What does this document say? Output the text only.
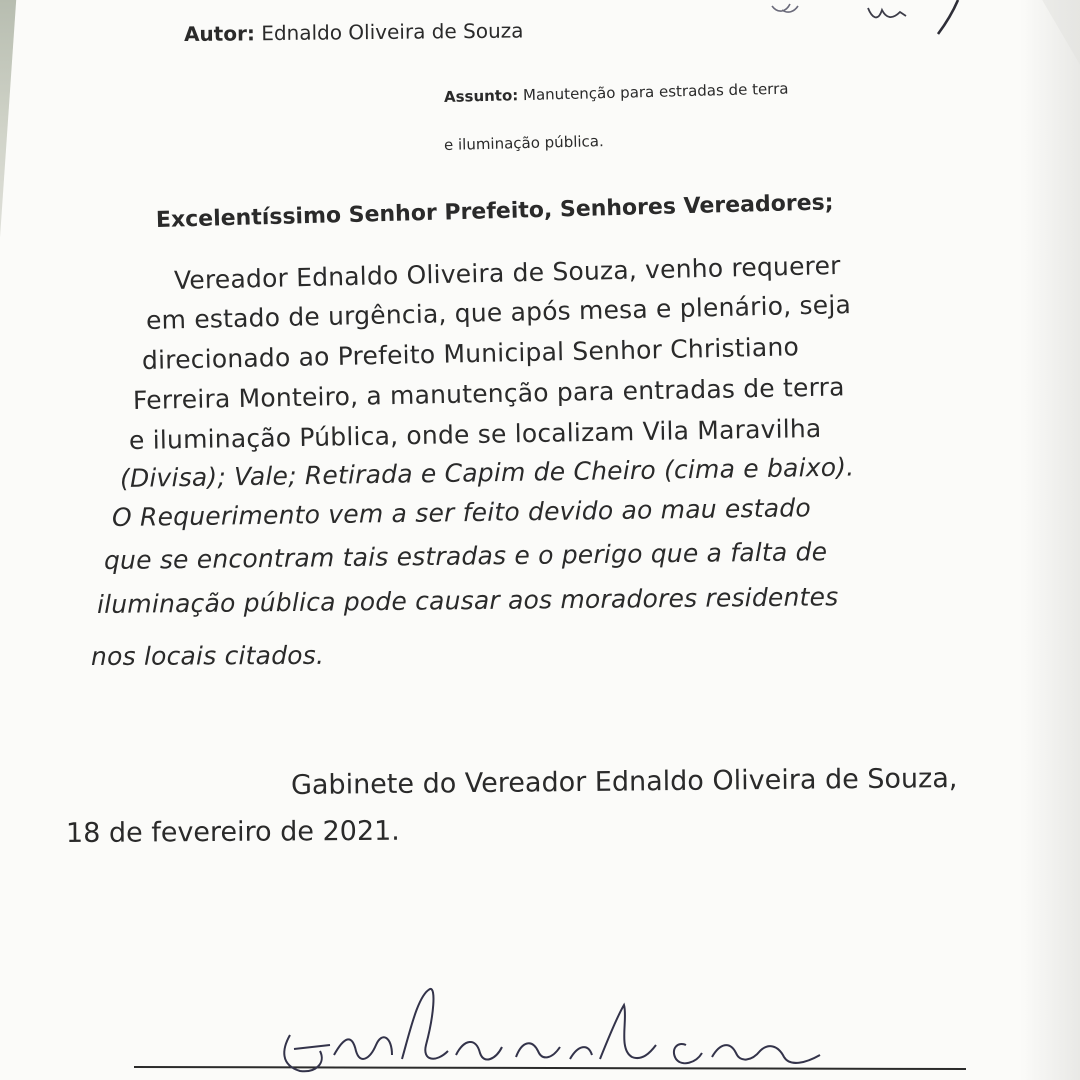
Autor: Ednaldo Oliveira de Souza
Assunto: Manutenção para estradas de terra
e iluminação pública.
Excelentíssimo Senhor Prefeito, Senhores Vereadores;
Vereador Ednaldo Oliveira de Souza, venho requerer
em estado de urgência, que após mesa e plenário, seja
direcionado ao Prefeito Municipal Senhor Christiano
Ferreira Monteiro, a manutenção para entradas de terra
e iluminação Pública, onde se localizam Vila Maravilha
(Divisa); Vale; Retirada e Capim de Cheiro (cima e baixo).
O Requerimento vem a ser feito devido ao mau estado
que se encontram tais estradas e o perigo que a falta de
iluminação pública pode causar aos moradores residentes
nos locais citados.
Gabinete do Vereador Ednaldo Oliveira de Souza,
18 de fevereiro de 2021.
